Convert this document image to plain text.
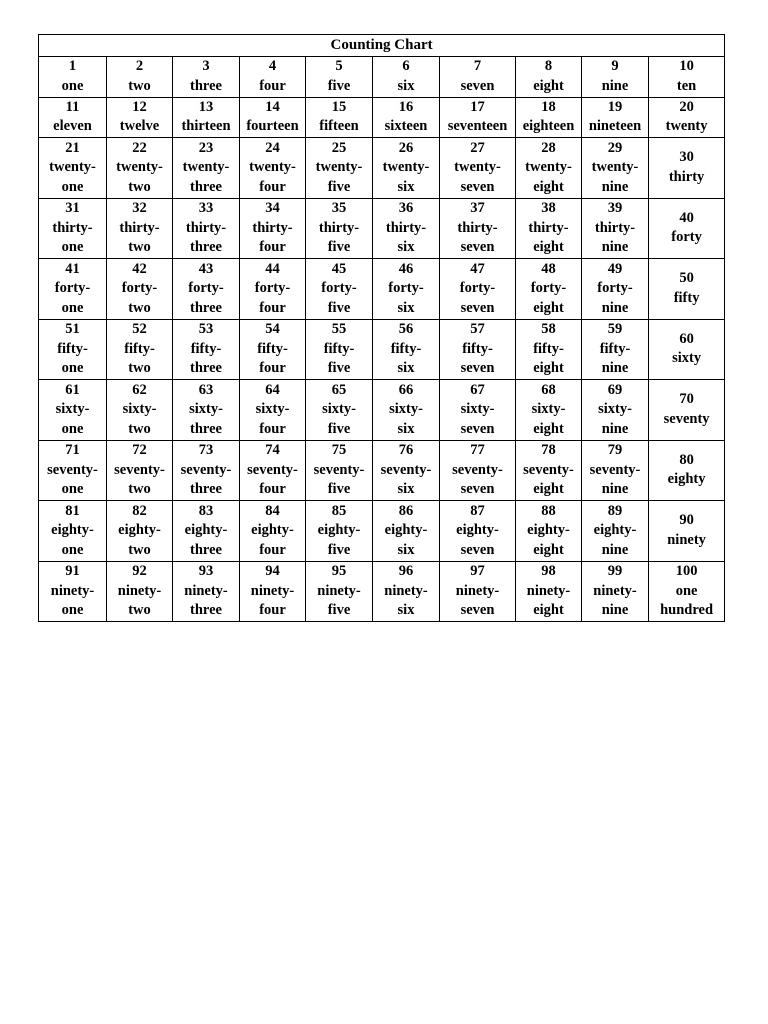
Counting Chart									

1
one	2
two	3
three	4
four	5
five	6
six	7
seven	8
eight	9
nine	10
ten

11
eleven	12
twelve	13
thirteen	14
fourteen	15
fifteen	16
sixteen	17
seventeen	18
eighteen	19
nineteen	20
twenty

21
twenty-
one	22
twenty-
two	23
twenty-
three	24
twenty-
four	25
twenty-
five	26
twenty-
six	27
twenty-
seven	28
twenty-
eight	29
twenty-
nine	30
thirty

31
thirty-
one	32
thirty-
two	33
thirty-
three	34
thirty-
four	35
thirty-
five	36
thirty-
six	37
thirty-
seven	38
thirty-
eight	39
thirty-
nine	40
forty

41
forty-
one	42
forty-
two	43
forty-
three	44
forty-
four	45
forty-
five	46
forty-
six	47
forty-
seven	48
forty-
eight	49
forty-
nine	50
fifty

51
fifty-
one	52
fifty-
two	53
fifty-
three	54
fifty-
four	55
fifty-
five	56
fifty-
six	57
fifty-
seven	58
fifty-
eight	59
fifty-
nine	60
sixty

61
sixty-
one	62
sixty-
two	63
sixty-
three	64
sixty-
four	65
sixty-
five	66
sixty-
six	67
sixty-
seven	68
sixty-
eight	69
sixty-
nine	70
seventy

71
seventy-
one	72
seventy-
two	73
seventy-
three	74
seventy-
four	75
seventy-
five	76
seventy-
six	77
seventy-
seven	78
seventy-
eight	79
seventy-
nine	80
eighty

81
eighty-
one	82
eighty-
two	83
eighty-
three	84
eighty-
four	85
eighty-
five	86
eighty-
six	87
eighty-
seven	88
eighty-
eight	89
eighty-
nine	90
ninety

91
ninety-
one	92
ninety-
two	93
ninety-
three	94
ninety-
four	95
ninety-
five	96
ninety-
six	97
ninety-
seven	98
ninety-
eight	99
ninety-
nine	100
one
hundred
